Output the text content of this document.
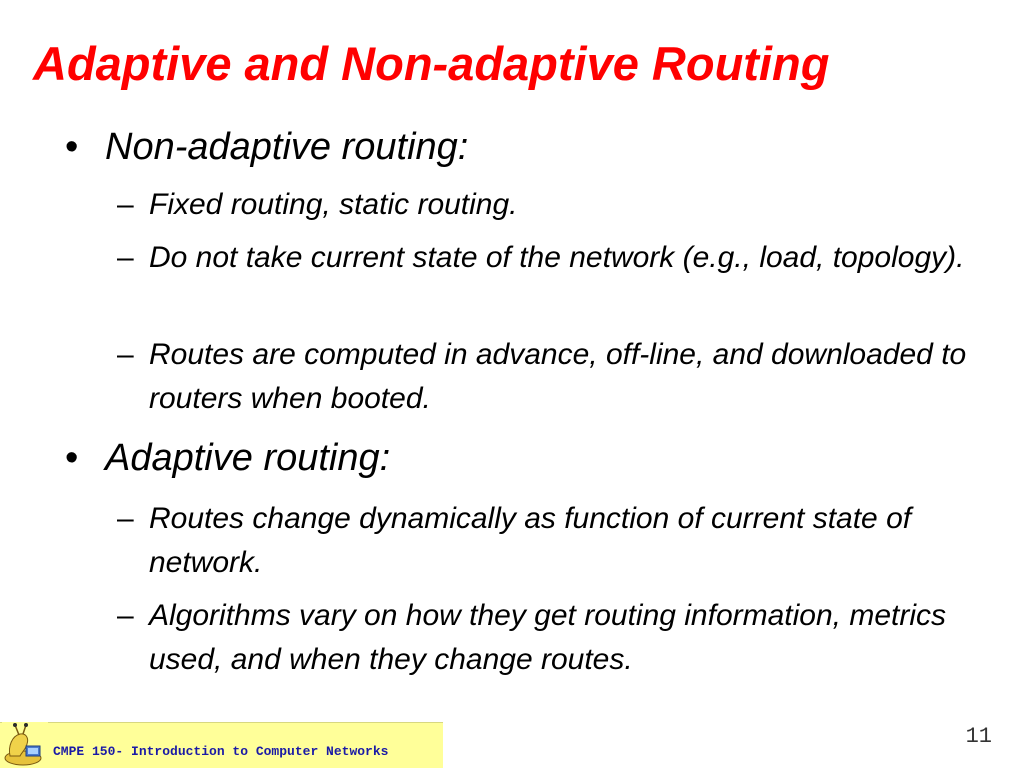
Adaptive and Non-adaptive Routing
• Non-adaptive routing:
– Fixed routing, static routing.
– Do not take current state of the network (e.g., load, topology).
– Routes are computed in advance, off-line, and downloaded to routers when booted.
• Adaptive routing:
– Routes change dynamically as function of current state of network.
– Algorithms vary on how they get routing information, metrics used, and when they change routes.
CMPE 150- Introduction to Computer Networks
11
